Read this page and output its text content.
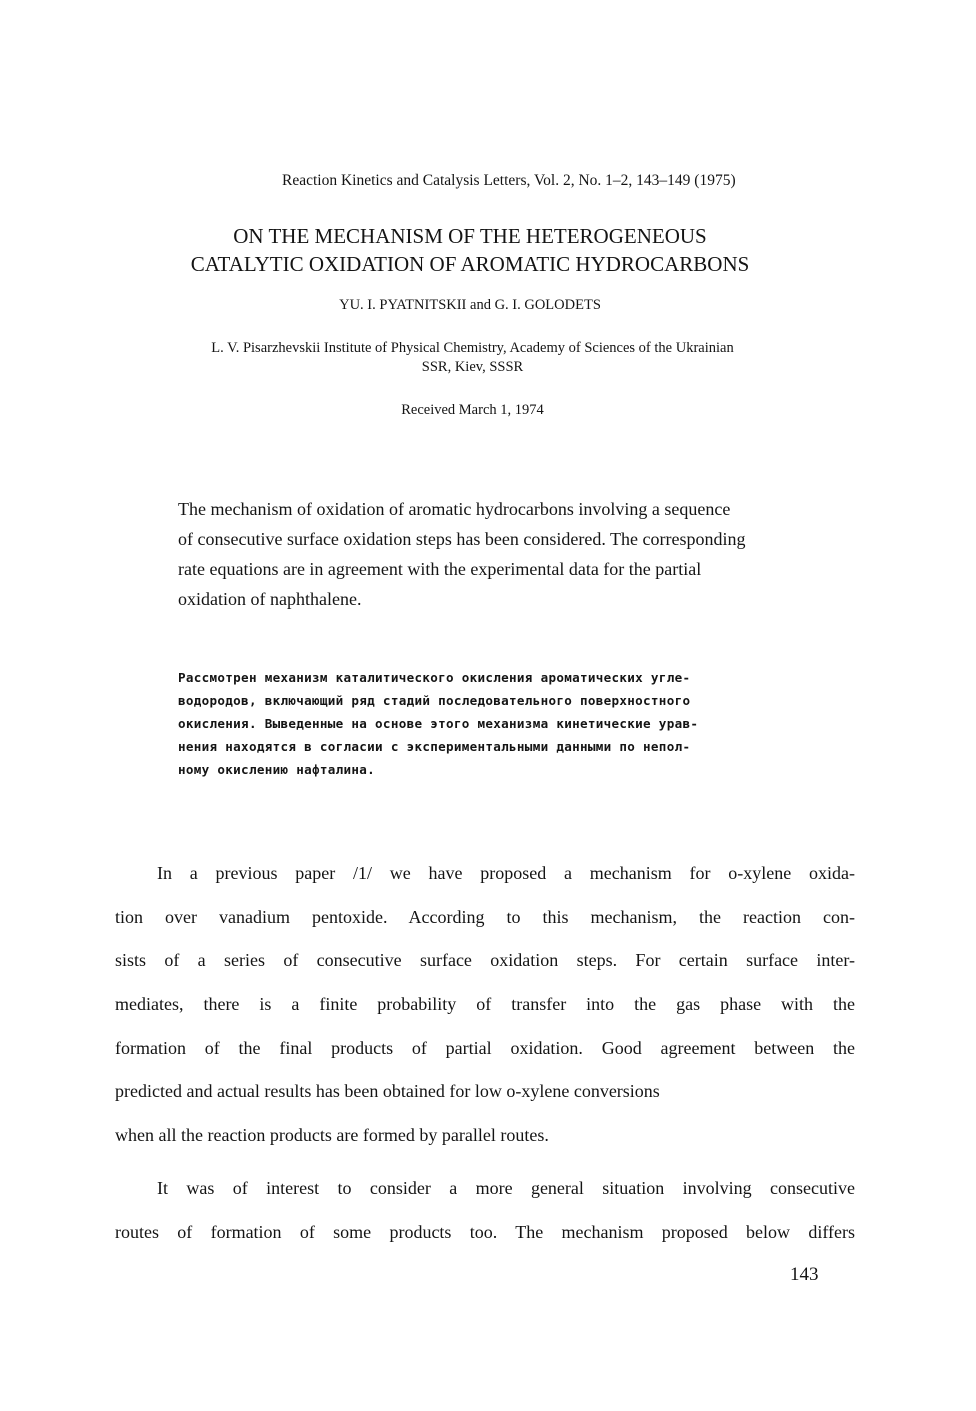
Reaction Kinetics and Catalysis Letters, Vol. 2, No. 1–2, 143–149 (1975)
ON THE MECHANISM OF THE HETEROGENEOUS
CATALYTIC OXIDATION OF AROMATIC HYDROCARBONS
YU. I. PYATNITSKII and G. I. GOLODETS
L. V. Pisarzhevskii Institute of Physical Chemistry, Academy of Sciences of the Ukrainian
SSR, Kiev, SSSR
Received March 1, 1974
The mechanism of oxidation of aromatic hydrocarbons involving a sequence
of consecutive surface oxidation steps has been considered. The corresponding
rate equations are in agreement with the experimental data for the partial
oxidation of naphthalene.
Рассмотрен механизм каталитического окисления ароматических угле-
водородов, включающий ряд стадий последовательного поверхностного
окисления. Выведенные на основе этого механизма кинетические урав-
нения находятся в согласии с экспериментальными данными по непол-
ному окислению нафталина.
In a previous paper /1/ we have proposed a mechanism for o-xylene oxida-
tion over vanadium pentoxide. According to this mechanism, the reaction con-
sists of a series of consecutive surface oxidation steps. For certain surface inter-
mediates, there is a finite probability of transfer into the gas phase with the
formation of the final products of partial oxidation. Good agreement between the
predicted and actual results has been obtained for low o-xylene conversions
when all the reaction products are formed by parallel routes.
It was of interest to consider a more general situation involving consecutive
routes of formation of some products too. The mechanism proposed below differs
143
